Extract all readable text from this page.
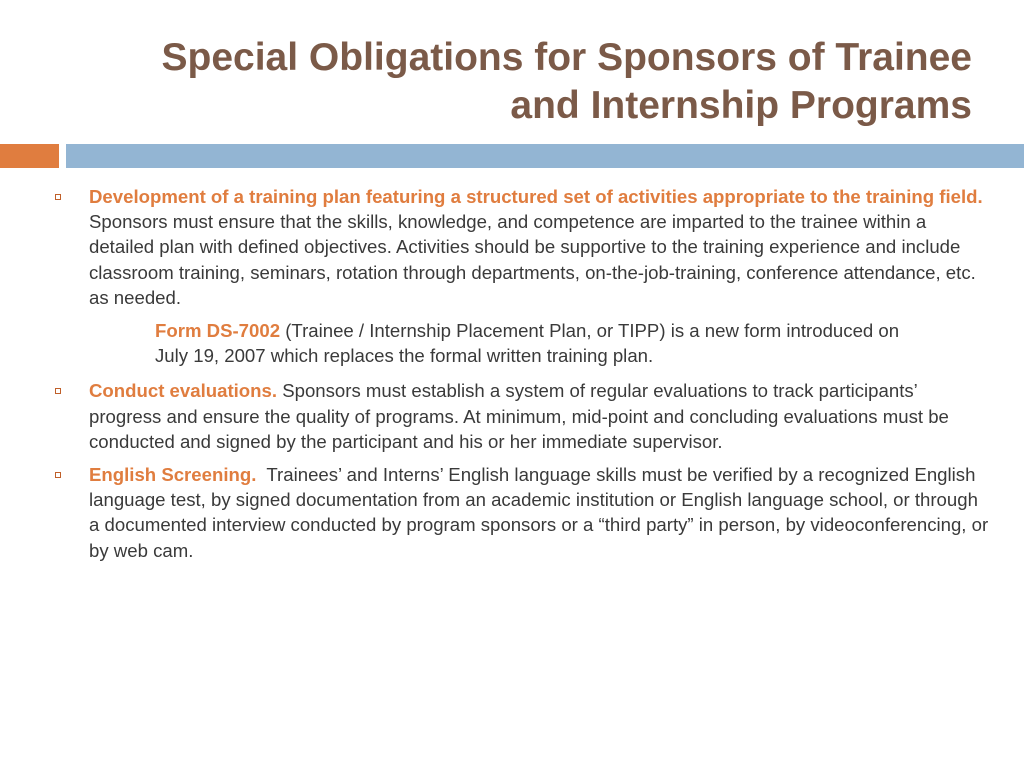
Special Obligations for Sponsors of Trainee
and Internship Programs
Development of a training plan featuring a structured set of activities appropriate to the training field.  Sponsors must ensure that the skills, knowledge, and competence are imparted to the trainee within a detailed plan with defined objectives. Activities should be supportive to the training experience and include classroom training, seminars, rotation through departments, on-the-job-training, conference attendance, etc. as needed.
Form DS-7002 (Trainee / Internship Placement Plan, or TIPP) is a new form introduced on July 19, 2007 which replaces the formal written training plan.
Conduct evaluations. Sponsors must establish a system of regular evaluations to track participants’ progress and ensure the quality of programs. At minimum, mid-point and concluding evaluations must be conducted and signed by the participant and his or her immediate supervisor.
English Screening. Trainees’ and Interns’ English language skills must be verified by a recognized English language test, by signed documentation from an academic institution or English language school, or through a documented interview conducted by program sponsors or a “third party” in person, by videoconferencing, or by web cam.
